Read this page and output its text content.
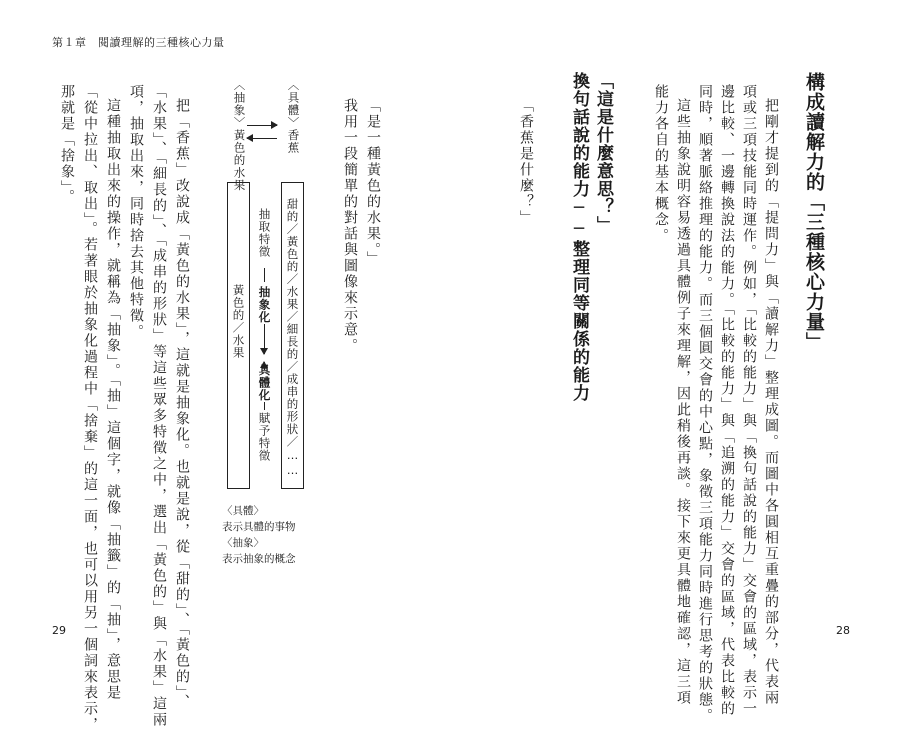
第１章　閱讀理解的三種核心力量
29	28
構成讀解力的「三種核心力量」
把剛才提到的「提問力」與「讀解力」整理成圖。而圖中各圓相互重疊的部分，代表兩
項或三項技能同時運作。例如，「比較的能力」與「換句話說的能力」交會的區域，表示一
邊比較、一邊轉換說法的能力。「比較的能力」與「追溯的能力」交會的區域，代表比較的
同時，順著脈絡推理的能力。而三個圓交會的中心點，象徵三項能力同時進行思考的狀態。
這些抽象說明容易透過具體例子來理解，因此稍後再談。接下來更具體地確認，這三項
能力各自的基本概念。
「這是什麼意思？」
換句話說的能力──整理同等關係的能力
「香蕉是什麼？」
「是一種黃色的水果。」
我用一段簡單的對話與圖像來示意。
〈具體〉香蕉
〈抽象〉黃色的水果
甜的／黃色的／水果／細長的／成串的形狀／……
抽取特徵
抽象化
具體化
賦予特徵
黃色的／水果
〈具體〉
表示具體的事物
〈抽象〉
表示抽象的概念
把「香蕉」改說成「黃色的水果」，這就是抽象化。也就是說，從「甜的」、「黃色的」、
「水果」、「細長的」、「成串的形狀」等這些眾多特徵之中，選出「黃色的」與「水果」這兩
項，抽取出來，同時捨去其他特徵。
這種抽取出來的操作，就稱為「抽象」。「抽」這個字，就像「抽籤」的「抽」，意思是
「從中拉出、取出」。若著眼於抽象化過程中「捨棄」的這一面，也可以用另一個詞來表示，
那就是「捨象」。
